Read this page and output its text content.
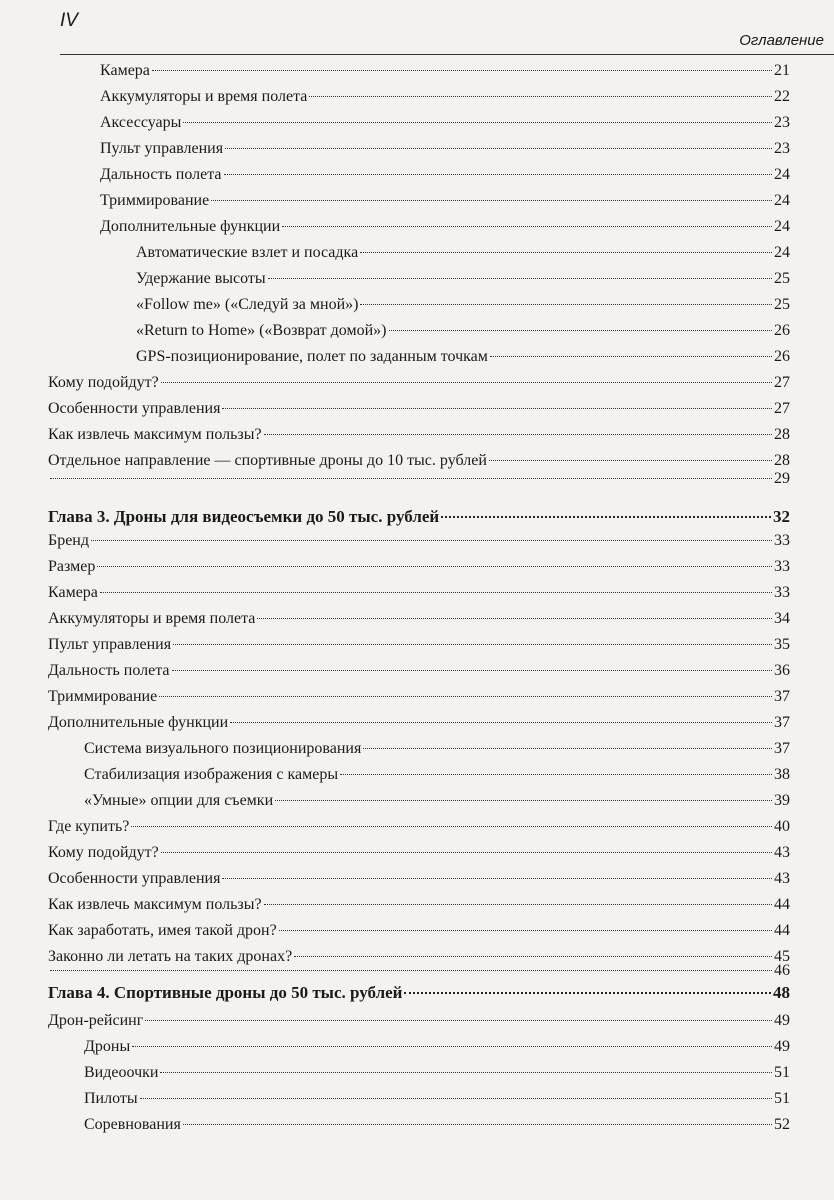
IV
Оглавление
Камера	21
Аккумуляторы и время полета	22
Аксессуары	23
Пульт управления	23
Дальность полета	24
Триммирование	24
Дополнительные функции	24
Автоматические взлет и посадка	24
Удержание высоты	25
«Follow me» («Следуй за мной»)	25
«Return to Home» («Возврат домой»)	26
GPS-позиционирование, полет по заданным точкам	26
Кому подойдут?	27
Особенности управления	27
Как извлечь максимум пользы?	28
Отдельное направление — спортивные дроны до 10 тыс. рублей	28
29
Глава 3. Дроны для видеосъемки до 50 тыс. рублей	32
Бренд	33
Размер	33
Камера	33
Аккумуляторы и время полета	34
Пульт управления	35
Дальность полета	36
Триммирование	37
Дополнительные функции	37
Система визуального позиционирования	37
Стабилизация изображения с камеры	38
«Умные» опции для съемки	39
Где купить?	40
Кому подойдут?	43
Особенности управления	43
Как извлечь максимум пользы?	44
Как заработать, имея такой дрон?	44
Законно ли летать на таких дронах?	45
46
Глава 4. Спортивные дроны до 50 тыс. рублей	48
Дрон-рейсинг	49
Дроны	49
Видеоочки	51
Пилоты	51
Соревнования	52
